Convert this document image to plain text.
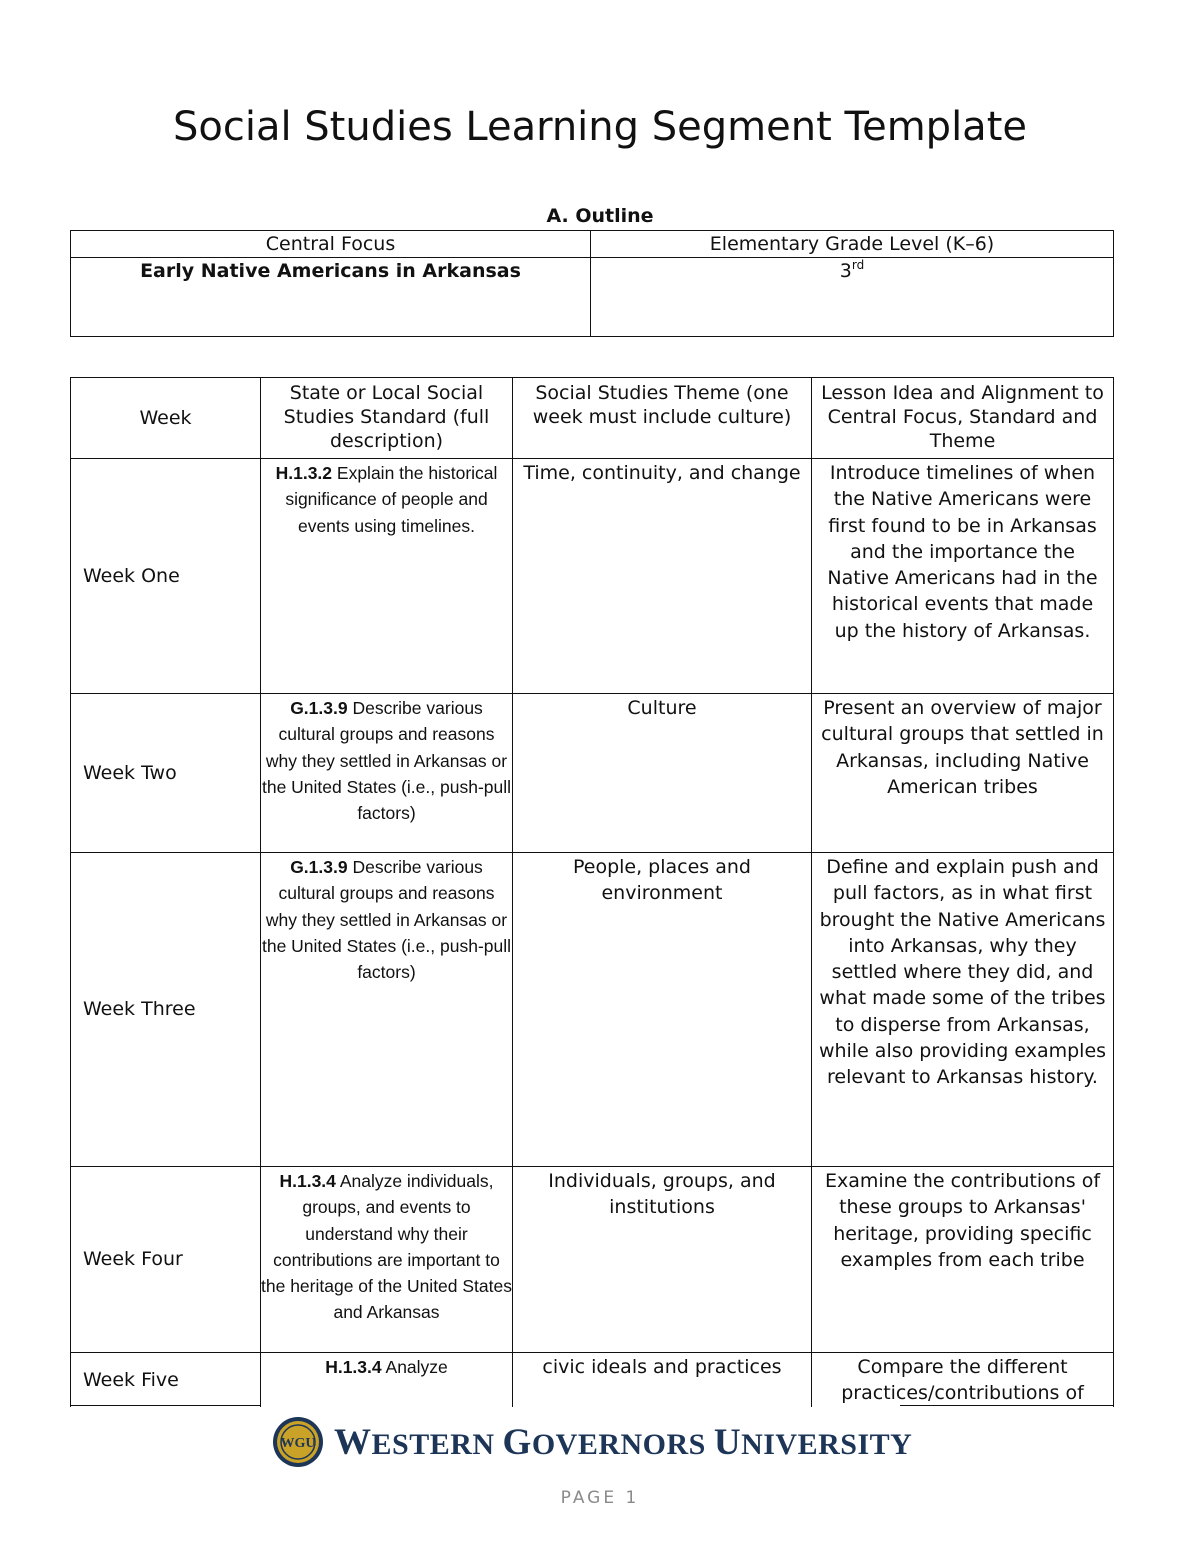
Social Studies Learning Segment Template
A. Outline
Central Focus	Elementary Grade Level (K–6)
Early Native Americans in Arkansas	3rd
Week	State or Local Social Studies Standard (full description)	Social Studies Theme (one week must include culture)	Lesson Idea and Alignment to Central Focus, Standard and Theme
Week One	H.1.3.2 Explain the historical significance of people and events using timelines.	Time, continuity, and change	Introduce timelines of when the Native Americans were first found to be in Arkansas and the importance the Native Americans had in the historical events that made up the history of Arkansas.
Week Two	G.1.3.9 Describe various cultural groups and reasons why they settled in Arkansas or the United States (i.e., push-pull factors)	Culture	Present an overview of major cultural groups that settled in Arkansas, including Native American tribes
Week Three	G.1.3.9 Describe various cultural groups and reasons why they settled in Arkansas or the United States (i.e., push-pull factors)	People, places and environment	Define and explain push and pull factors, as in what first brought the Native Americans into Arkansas, why they settled where they did, and what made some of the tribes to disperse from Arkansas, while also providing examples relevant to Arkansas history.
Week Four	H.1.3.4 Analyze individuals, groups, and events to understand why their contributions are important to the heritage of the United States and Arkansas	Individuals, groups, and institutions	Examine the contributions of these groups to Arkansas' heritage, providing specific examples from each tribe
Week Five	H.1.3.4 Analyze	civic ideals and practices	Compare the different practices/contributions of
WGU WESTERN GOVERNORS UNIVERSITY
PAGE 1
